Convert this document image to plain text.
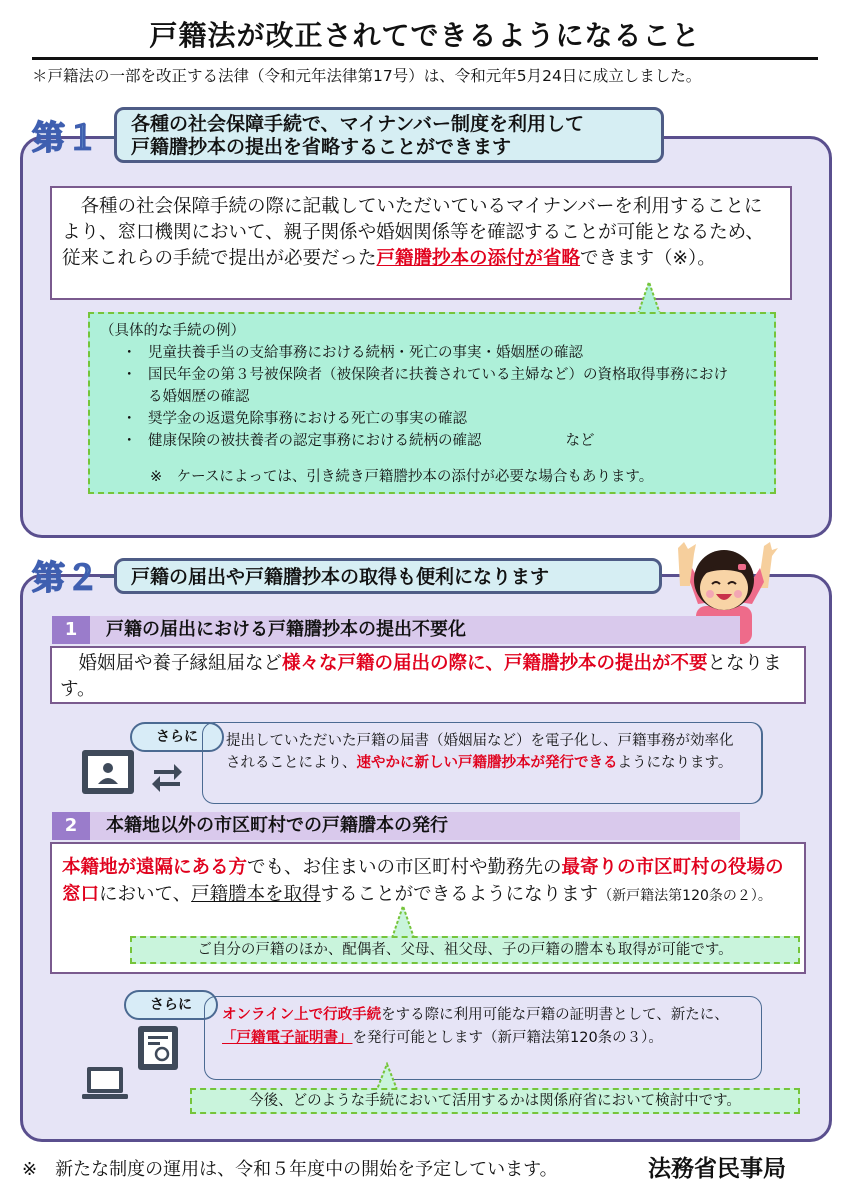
戸籍法が改正されてできるようになること
＊戸籍法の一部を改正する法律（令和元年法律第17号）は、令和元年5月24日に成立しました。
第１ 各種の社会保障手続で、マイナンバー制度を利用して
戸籍謄抄本の提出を省略することができます
　各種の社会保障手続の際に記載していただいているマイナンバーを利用することにより、窓口機関において、親子関係や婚姻関係等を確認することが可能となるため、従来これらの手続で提出が必要だった戸籍謄抄本の添付が省略できます（※）。
（具体的な手続の例）
・ 児童扶養手当の支給事務における続柄・死亡の事実・婚姻歴の確認
・ 国民年金の第３号被保険者（被保険者に扶養されている主婦など）の資格取得事務における婚姻歴の確認
・ 奨学金の返還免除事務における死亡の事実の確認
・ 健康保険の被扶養者の認定事務における続柄の確認	など
※　ケースによっては、引き続き戸籍謄抄本の添付が必要な場合もあります。
第２	戸籍の届出や戸籍謄抄本の取得も便利になります
1	戸籍の届出における戸籍謄抄本の提出不要化
　婚姻届や養子縁組届など様々な戸籍の届出の際に、戸籍謄抄本の提出が不要となります。
さらに	提出していただいた戸籍の届書（婚姻届など）を電子化し、戸籍事務が効率化されることにより、速やかに新しい戸籍謄抄本が発行できるようになります。
2	本籍地以外の市区町村での戸籍謄本の発行
本籍地が遠隔にある方でも、お住まいの市区町村や勤務先の最寄りの市区町村の役場の窓口において、戸籍謄本を取得することができるようになります（新戸籍法第120条の２）。
ご自分の戸籍のほか、配偶者、父母、祖父母、子の戸籍の謄本も取得が可能です。
さらに
オンライン上で行政手続をする際に利用可能な戸籍の証明書として、新たに、「戸籍電子証明書」を発行可能とします（新戸籍法第120条の３）。
今後、どのような手続において活用するかは関係府省において検討中です。
※　新たな制度の運用は、令和５年度中の開始を予定しています。	法務省民事局
